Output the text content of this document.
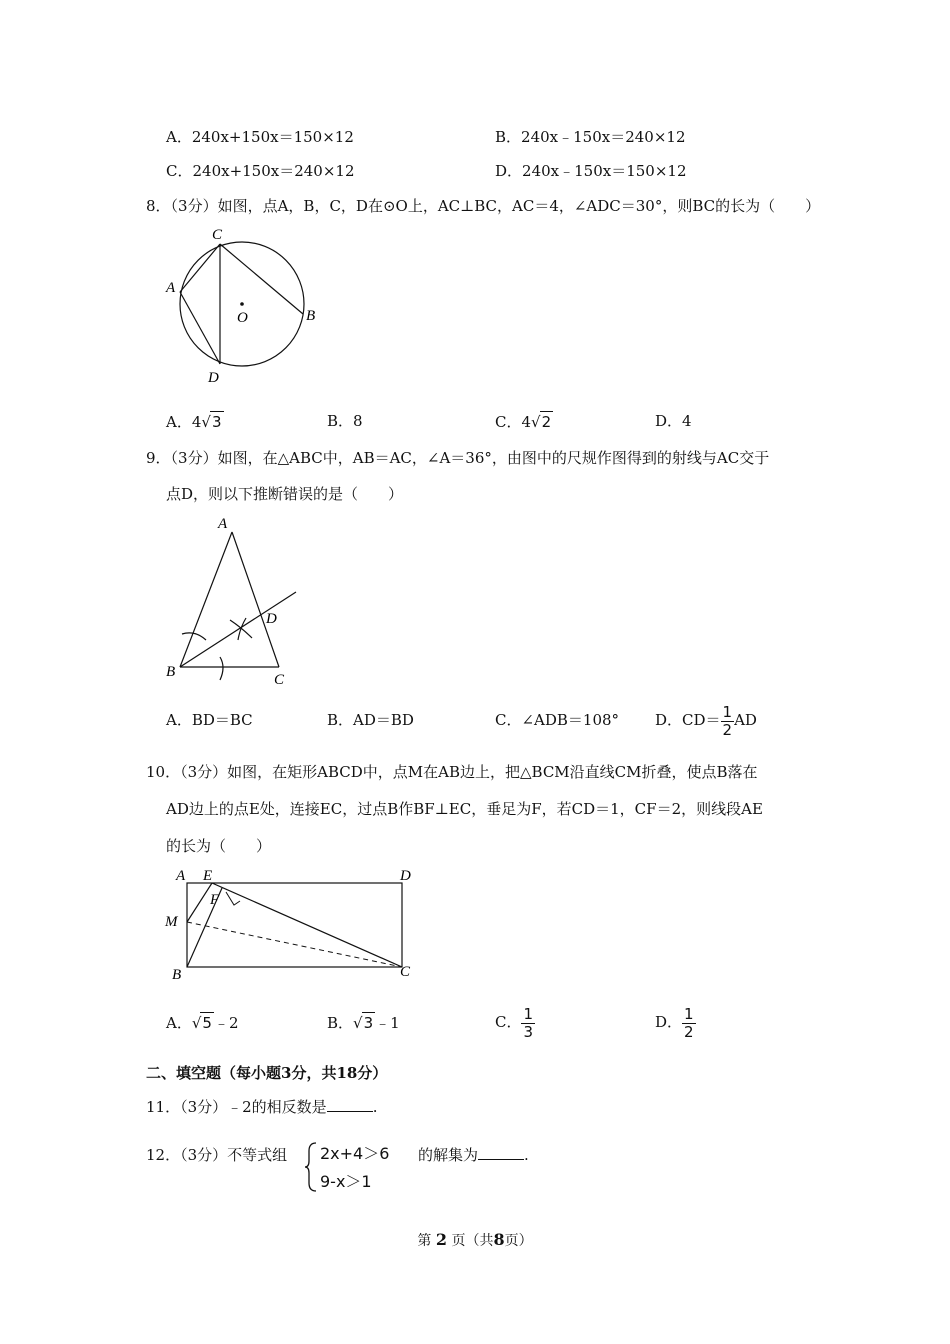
A．240x+150x＝150×12	B．240x﹣150x＝240×12
C．240x+150x＝240×12	D．240x﹣150x＝150×12
8．（3分）如图，点A，B，C，D在⊙O上，AC⊥BC，AC＝4，∠ADC＝30°，则BC的长为（　　）
C
A
B
D
O
A．4√3	B．8	C．4√2	D．4
9．（3分）如图，在△ABC中，AB＝AC，∠A＝36°，由图中的尺规作图得到的射线与AC交于
点D，则以下推断错误的是（　　）
A
B	C
D
A．BD＝BC	B．AD＝BD	C．∠ADB＝108° D．$CD= \frac{1}{2}$ AD
10．（3分）如图，在矩形ABCD中，点M在AB边上，把△BCM沿直线CM折叠，使点B落在
AD边上的点E处，连接EC，过点B作BF⊥EC，垂足为F，若CD＝1，CF＝2，则线段AE
的长为（　　）
A E	D
F
M
B	C
A．√5 ﹣2	B．√3 ﹣1	C． $\frac{1}{3}$	D． $\frac{1}{2}$
二、填空题（每小题3分，共18分）
11．（3分）﹣2的相反数是	.
12．（3分）不等式组 2x+4＞6
9-x＞1
的解集为	.
第 2 页（共8页）
